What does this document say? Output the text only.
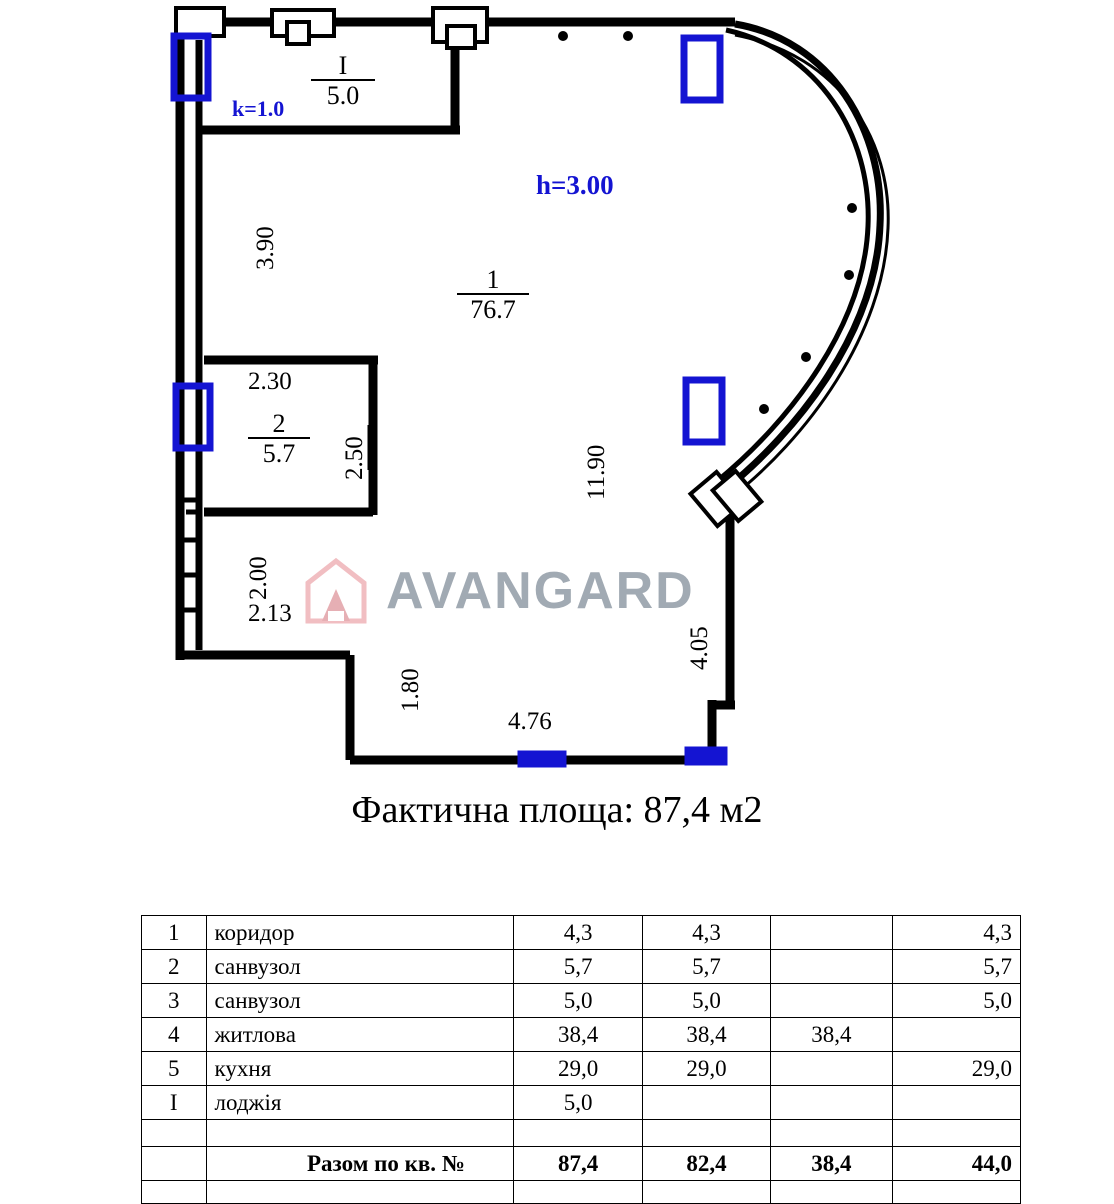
3.90
2.30
2.50
2.00
2.13
1.80
4.76
4.05
11.90
h=3.00
k=1.0
I
5.0
1
76.7
2
5.7
AVANGARD
Фактична площа: 87,4 м2
1	коридор	4,3	4,3		4,3
2	санвузол	5,7	5,7		5,7
3	санвузол	5,0	5,0		5,0
4	житлова	38,4	38,4	38,4	
5	кухня	29,0	29,0		29,0
I	лоджія	5,0			

	Разом по кв. №	87,4	82,4	38,4	44,0
